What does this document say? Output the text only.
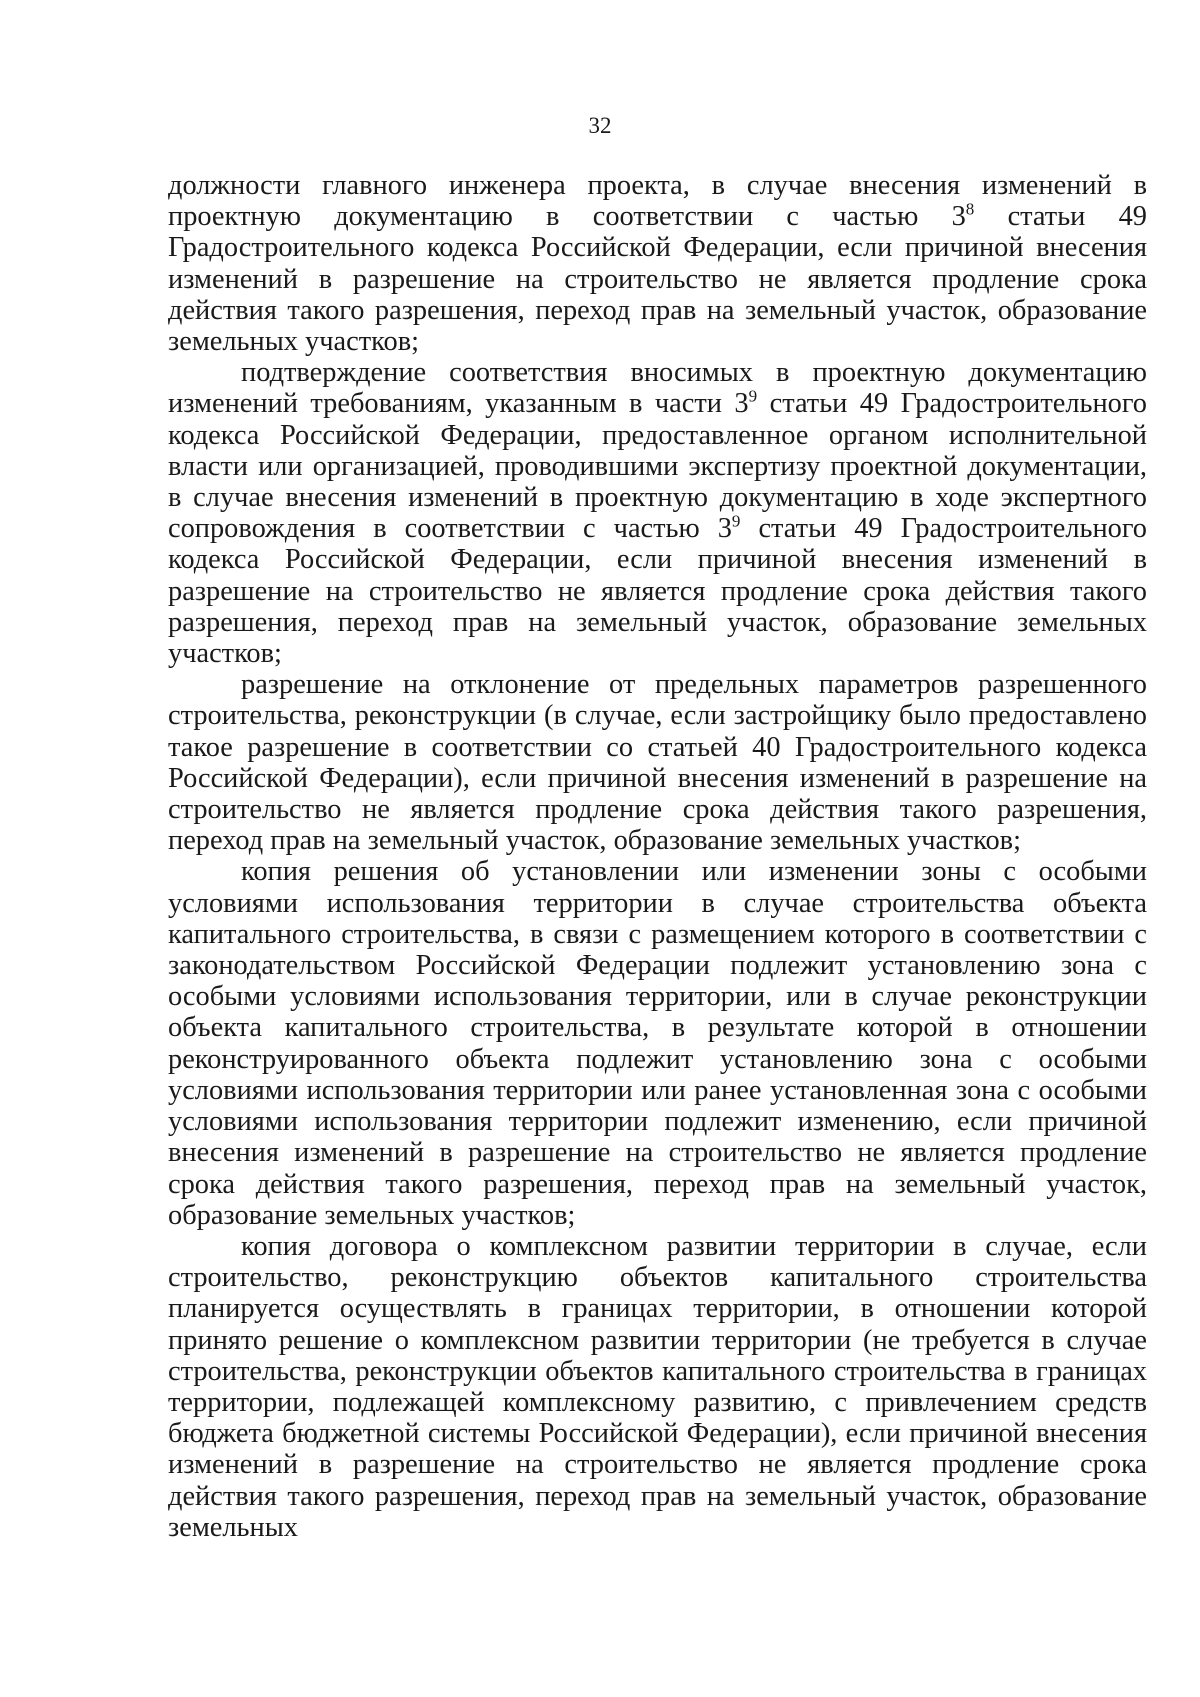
32

должности главного инженера проекта, в случае внесения изменений в проектную документацию в соответствии с частью $3^8$ статьи 49 Градостроительного кодекса Российской Федерации, если причиной внесения изменений в разрешение на строительство не является продление срока действия такого разрешения, переход прав на земельный участок, образование земельных участков;

подтверждение соответствия вносимых в проектную документацию изменений требованиям, указанным в части $3^9$ статьи 49 Градостроительного кодекса Российской Федерации, предоставленное органом исполнительной власти или организацией, проводившими экспертизу проектной документации, в случае внесения изменений в проектную документацию в ходе экспертного сопровождения в соответствии с частью $3^9$ статьи 49 Градостроительного кодекса Российской Федерации, если причиной внесения изменений в разрешение на строительство не является продление срока действия такого разрешения, переход прав на земельный участок, образование земельных участков;

разрешение на отклонение от предельных параметров разрешенного строительства, реконструкции (в случае, если застройщику было предоставлено такое разрешение в соответствии со статьей 40 Градостроительного кодекса Российской Федерации), если причиной внесения изменений в разрешение на строительство не является продление срока действия такого разрешения, переход прав на земельный участок, образование земельных участков;

копия решения об установлении или изменении зоны с особыми условиями использования территории в случае строительства объекта капитального строительства, в связи с размещением которого в соответствии с законодательством Российской Федерации подлежит установлению зона с особыми условиями использования территории, или в случае реконструкции объекта капитального строительства, в результате которой в отношении реконструированного объекта подлежит установлению зона с особыми условиями использования территории или ранее установленная зона с особыми условиями использования территории подлежит изменению, если причиной внесения изменений в разрешение на строительство не является продление срока действия такого разрешения, переход прав на земельный участок, образование земельных участков;

копия договора о комплексном развитии территории в случае, если строительство, реконструкцию объектов капитального строительства планируется осуществлять в границах территории, в отношении которой принято решение о комплексном развитии территории (не требуется в случае строительства, реконструкции объектов капитального строительства в границах территории, подлежащей комплексному развитию, с привлечением средств бюджета бюджетной системы Российской Федерации), если причиной внесения изменений в разрешение на строительство не является продление срока действия такого разрешения, переход прав на земельный участок, образование земельных
